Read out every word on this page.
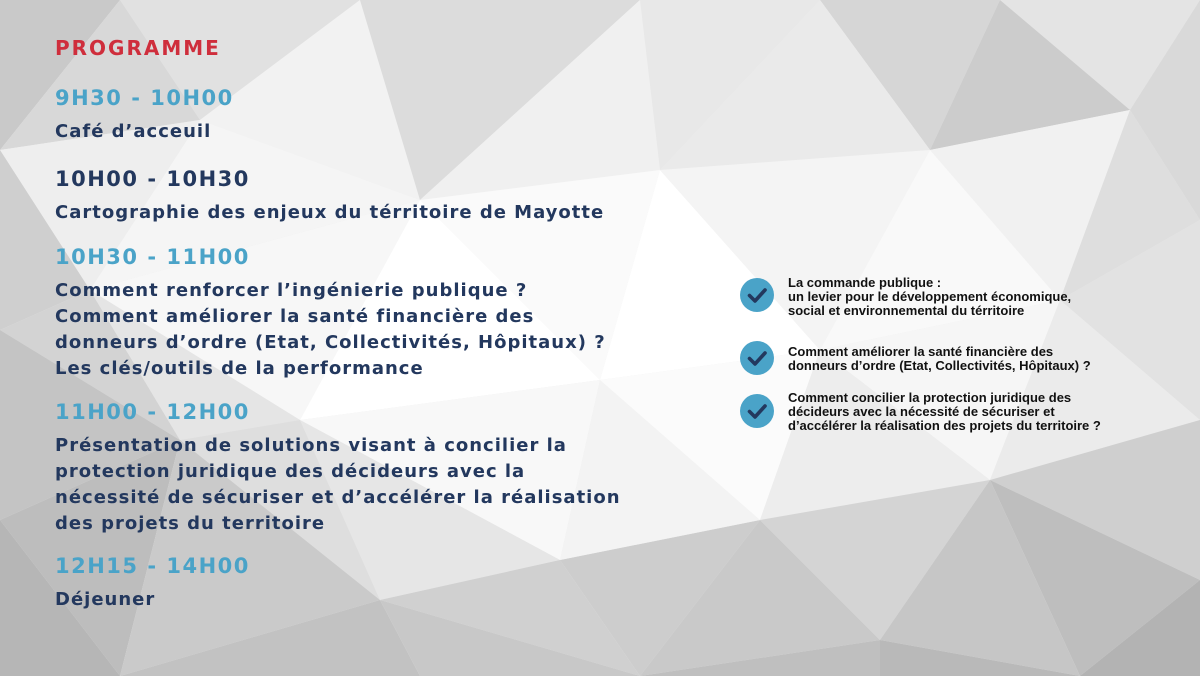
PROGRAMME
9H30 - 10H00
Café d’acceuil
10H00 - 10H30
Cartographie des enjeux du térritoire de Mayotte
10H30 - 11H00
Comment renforcer l’ingénierie publique ?
Comment améliorer la santé financière des
donneurs d’ordre (Etat, Collectivités, Hôpitaux) ?
Les clés/outils de la performance
11H00 - 12H00
Présentation de solutions visant à concilier la
protection juridique des décideurs avec la
nécessité de sécuriser et d’accélérer la réalisation
des projets du territoire
12H15 - 14H00
Déjeuner
La commande publique :
un levier pour le développement économique,
social et environnemental du térritoire
Comment améliorer la santé financière des
donneurs d’ordre (Etat, Collectivités, Hôpitaux) ?
Comment concilier la protection juridique des
décideurs avec la nécessité de sécuriser et
d’accélérer la réalisation des projets du territoire ?
